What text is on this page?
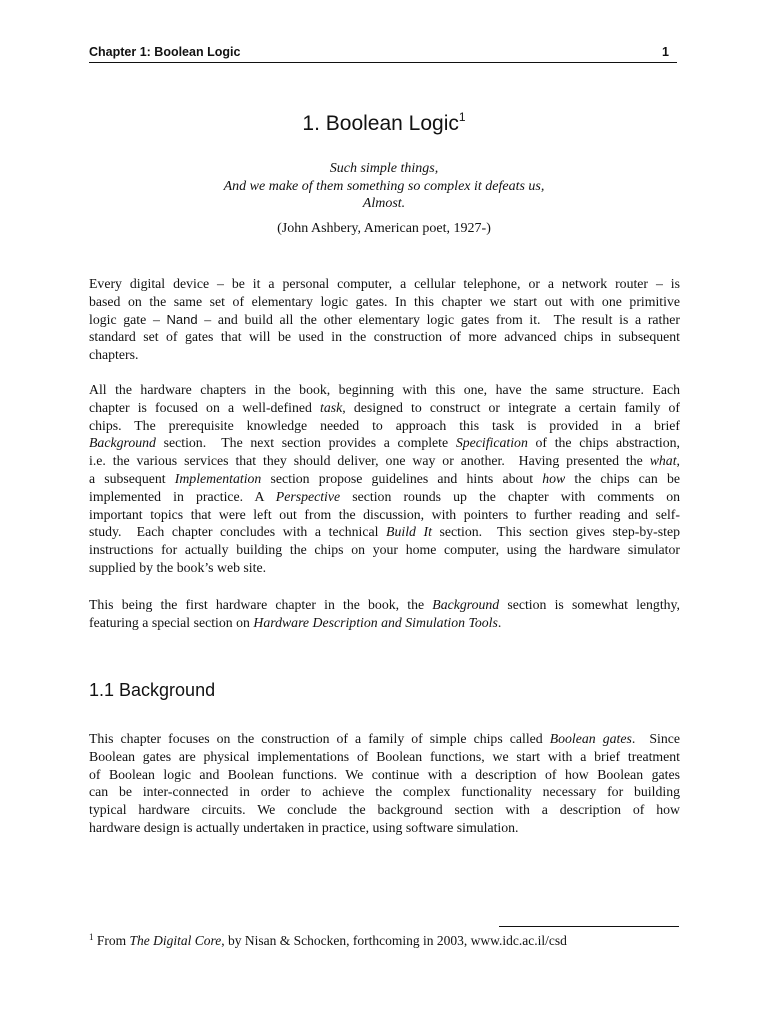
Chapter 1: Boolean Logic	1
1. Boolean Logic$^1$
Such simple things,
And we make of them something so complex it defeats us,
Almost.
(John Ashbery, American poet, 1927-)
Every digital device – be it a personal computer, a cellular telephone, or a network router – is
based on the same set of elementary logic gates. In this chapter we start out with one primitive
logic gate – Nand – and build all the other elementary logic gates from it.  The result is a rather
standard set of gates that will be used in the construction of more advanced chips in subsequent
chapters.
All the hardware chapters in the book, beginning with this one, have the same structure. Each
chapter is focused on a well-defined task, designed to construct or integrate a certain family of
chips. The prerequisite knowledge needed to approach this task is provided in a brief
Background section.  The next section provides a complete Specification of the chips abstraction,
i.e. the various services that they should deliver, one way or another.  Having presented the what,
a subsequent Implementation section propose guidelines and hints about how the chips can be
implemented in practice. A Perspective section rounds up the chapter with comments on
important topics that were left out from the discussion, with pointers to further reading and self-
study.  Each chapter concludes with a technical Build It section.  This section gives step-by-step
instructions for actually building the chips on your home computer, using the hardware simulator
supplied by the book’s web site.
This being the first hardware chapter in the book, the Background section is somewhat lengthy,
featuring a special section on Hardware Description and Simulation Tools.
1.1 Background
This chapter focuses on the construction of a family of simple chips called Boolean gates.  Since
Boolean gates are physical implementations of Boolean functions, we start with a brief treatment
of Boolean logic and Boolean functions. We continue with a description of how Boolean gates
can be inter-connected in order to achieve the complex functionality necessary for building
typical hardware circuits. We conclude the background section with a description of how
hardware design is actually undertaken in practice, using software simulation.
$^1$ From The Digital Core, by Nisan & Schocken, forthcoming in 2003, www.idc.ac.il/csd
